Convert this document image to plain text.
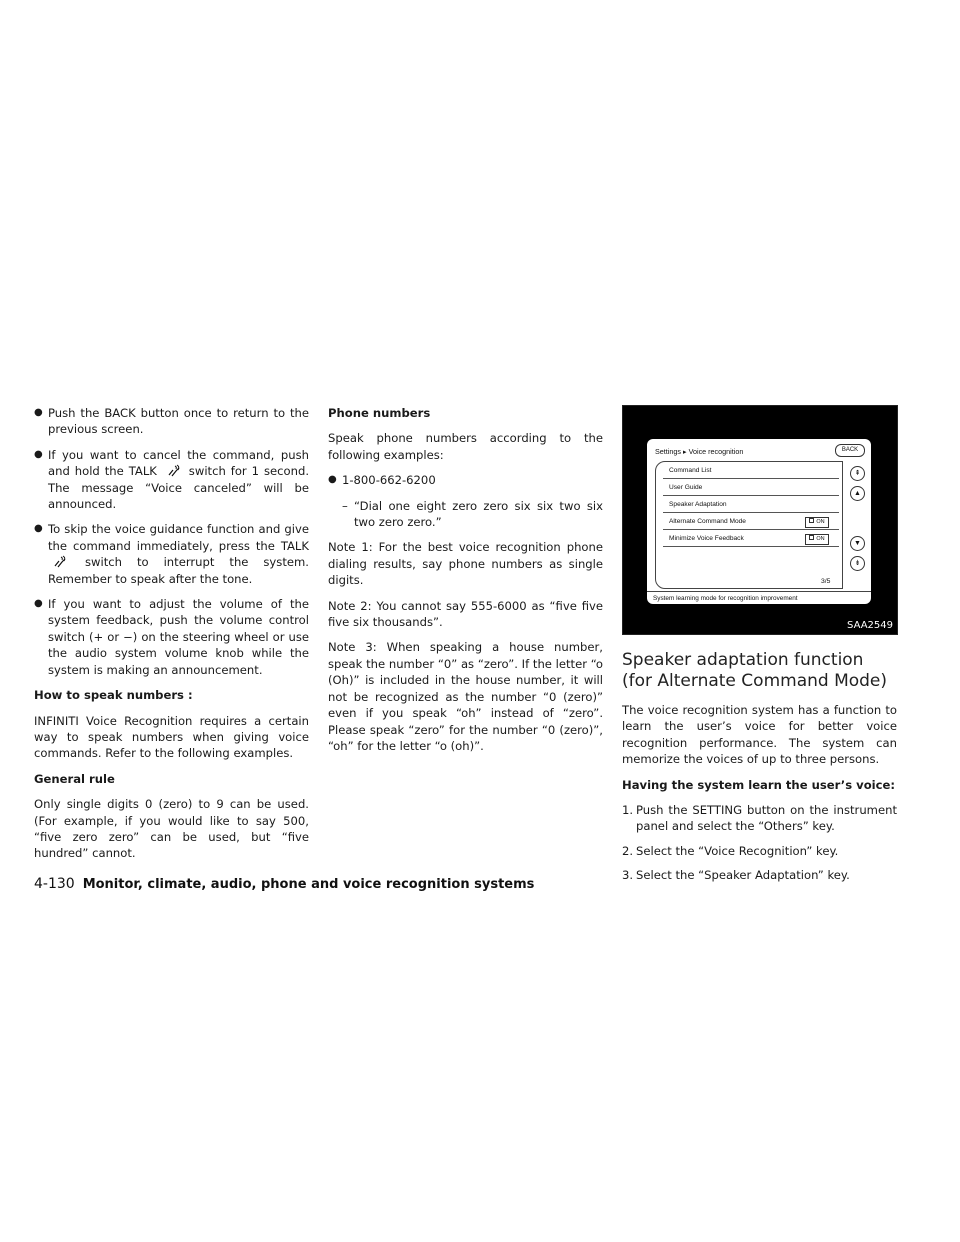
● Push the BACK button once to return to the previous screen.
● If you want to cancel the command, push and hold the TALK	switch for 1 second. The message “Voice canceled” will be announced.
● To skip the voice guidance function and give the command immediately, press the TALK  switch to interrupt the system. Remember to speak after the tone.
● If you want to adjust the volume of the system feedback, push the volume control switch (+ or −) on the steering wheel or use the audio system volume knob while the system is making an announcement.

How to speak numbers :

INFINITI Voice Recognition requires a certain way to speak numbers when giving voice commands. Refer to the following examples.

General rule

Only single digits 0 (zero) to 9 can be used. (For example, if you would like to say 500, “five zero zero” can be used, but “five hundred” cannot.

Phone numbers

Speak phone numbers according to the following examples:

● 1-800-662-6200
– “Dial one eight zero zero six six two six two zero zero.”

Note 1: For the best voice recognition phone dialing results, say phone numbers as single digits.

Note 2: You cannot say 555-6000 as “five five five six thousands”.

Note 3: When speaking a house number, speak the number “0” as “zero”. If the letter “o (Oh)” is included in the house number, it will not be recognized as the number “0 (zero)” even if you speak “oh” instead of “zero”. Please speak “zero” for the number “0 (zero)”, “oh” for the letter “o (oh)”.

Settings ▸ Voice recognition	BACK
Command List
User Guide
Speaker Adaptation
Alternate Command Mode	ON
Minimize Voice Feedback	ON
3/5
⇞
▲
▼
⇟
System learning mode for recognition improvement
SAA2549
Speaker adaptation function (for Alternate Command Mode)

The voice recognition system has a function to learn the user’s voice for better voice recognition performance. The system can memorize the voices of up to three persons.

Having the system learn the user’s voice:

1. Push the SETTING button on the instrument panel and select the “Others” key.
2. Select the “Voice Recognition” key.
3. Select the “Speaker Adaptation” key.
4-130 Monitor, climate, audio, phone and voice recognition systems
